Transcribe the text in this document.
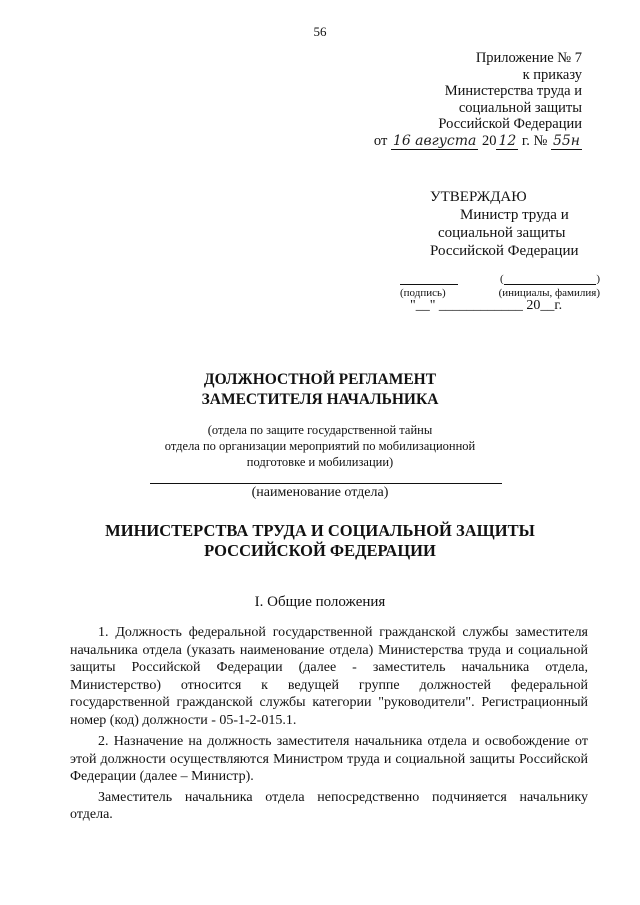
56
Приложение № 7
к приказу
Министерства труда и
социальной защиты
Российской Федерации
от 16 августа 20 12 г. № 55н
УТВЕРЖДАЮ
Министр труда и
социальной защиты
Российской Федерации
(	)
(подпись)	(инициалы, фамилия)
"__" ____________ 20__г.
ДОЛЖНОСТНОЙ РЕГЛАМЕНТ
ЗАМЕСТИТЕЛЯ НАЧАЛЬНИКА
(отдела по защите государственной тайны
отдела по организации мероприятий по мобилизационной
подготовке и мобилизации)
(наименование отдела)
МИНИСТЕРСТВА ТРУДА И СОЦИАЛЬНОЙ ЗАЩИТЫ
РОССИЙСКОЙ ФЕДЕРАЦИИ
I. Общие положения

1. Должность федеральной государственной гражданской службы заместителя начальника отдела (указать наименование отдела) Министерства труда и социальной защиты Российской Федерации (далее - заместитель начальника отдела, Министерство) относится к ведущей группе должностей федеральной государственной гражданской службы категории "руководители". Регистрационный номер (код) должности - 05-1-2-015.1.

2. Назначение на должность заместителя начальника отдела и освобождение от этой должности осуществляются Министром труда и социальной защиты Российской Федерации (далее – Министр).

Заместитель начальника отдела непосредственно подчиняется начальнику отдела.
